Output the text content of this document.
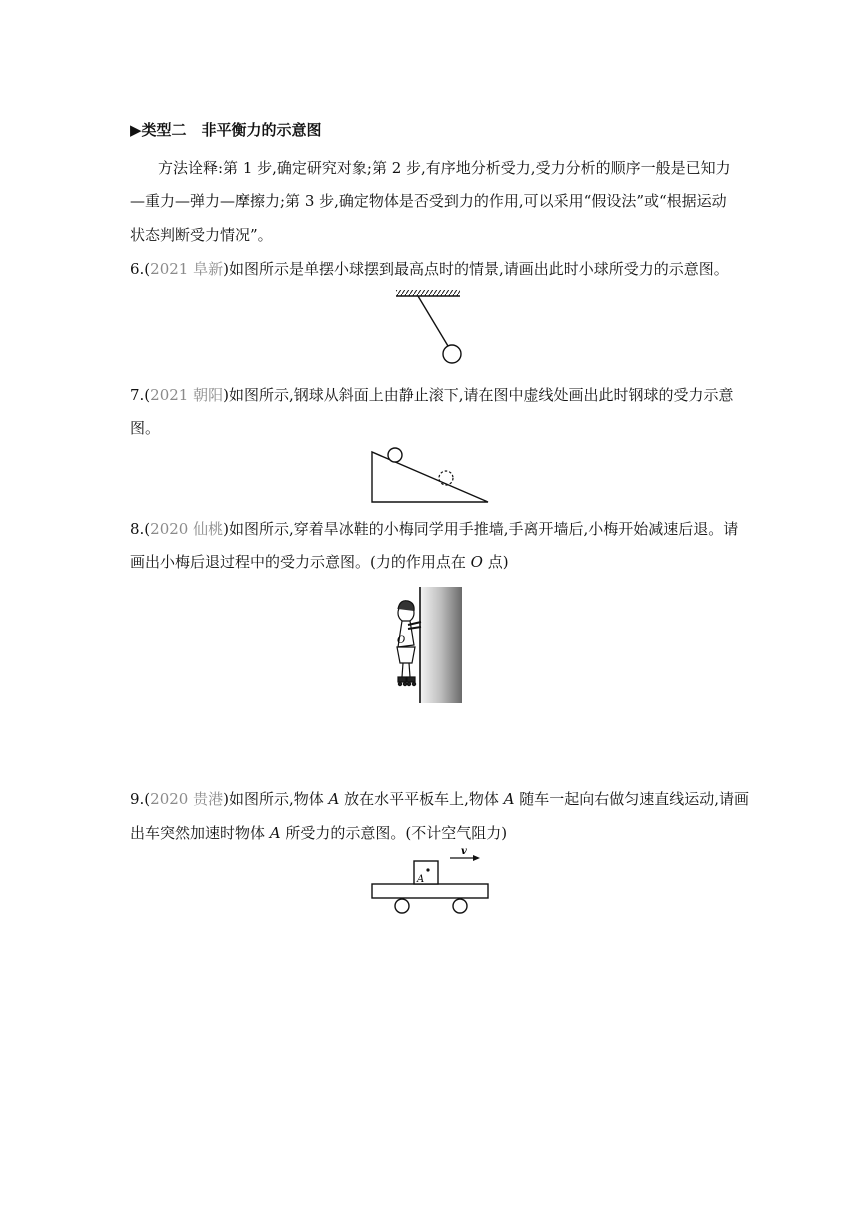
▶类型二　非平衡力的示意图
方法诠释:第 1 步,确定研究对象;第 2 步,有序地分析受力,受力分析的顺序一般是已知力
—重力—弹力—摩擦力;第 3 步,确定物体是否受到力的作用,可以采用“假设法”或“根据运动
状态判断受力情况”。
6.(2021 阜新)如图所示是单摆小球摆到最高点时的情景,请画出此时小球所受力的示意图。
7.(2021 朝阳)如图所示,钢球从斜面上由静止滚下,请在图中虚线处画出此时钢球的受力示意
图。
8.(2020 仙桃)如图所示,穿着旱冰鞋的小梅同学用手推墙,手离开墙后,小梅开始减速后退。请
画出小梅后退过程中的受力示意图。(力的作用点在 O 点)
O
9.(2020 贵港)如图所示,物体 A 放在水平平板车上,物体 A 随车一起向右做匀速直线运动,请画
出车突然加速时物体 A 所受力的示意图。(不计空气阻力)
A
v
